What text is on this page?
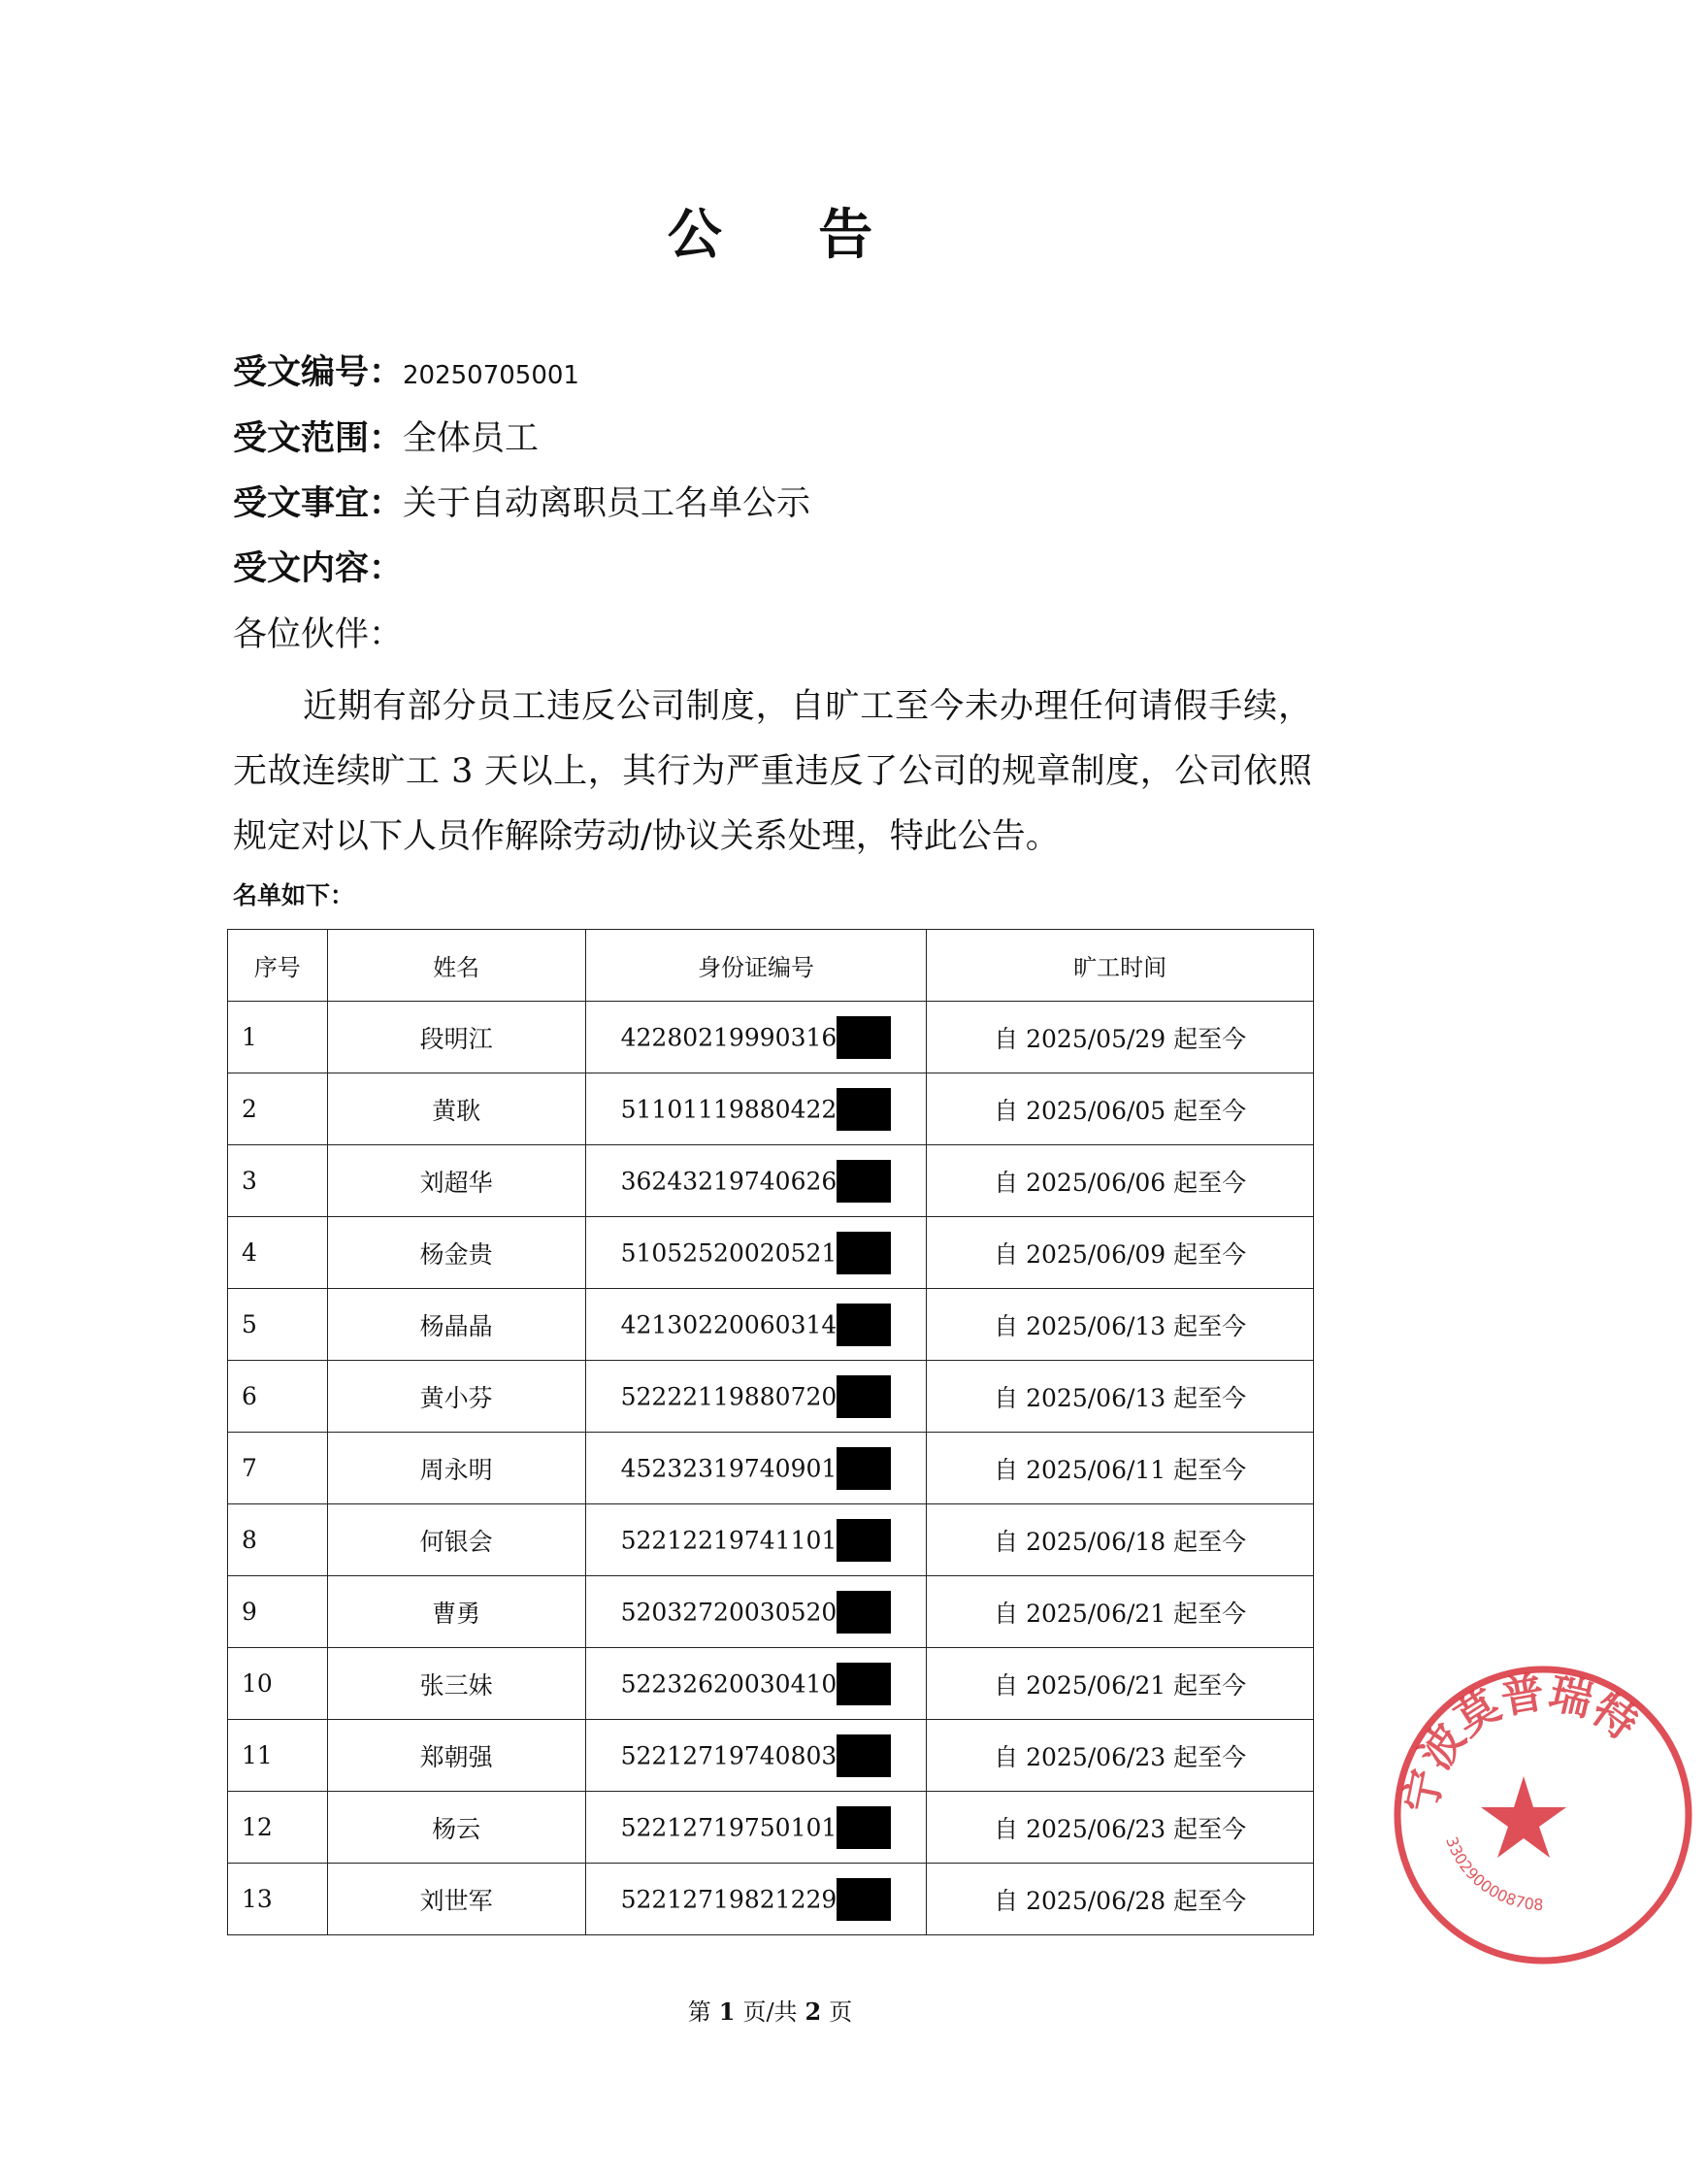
公 告
受文编号：20250705001
受文范围：全体员工
受文事宜：关于自动离职员工名单公示
受文内容：
各位伙伴：
近期有部分员工违反公司制度，自旷工至今未办理任何请假手续，无故连续旷工 3 天以上，其行为严重违反了公司的规章制度，公司依照规定对以下人员作解除劳动/协议关系处理，特此公告。
名单如下：
序号	姓名	身份证编号	旷工时间
1	段明江	42280219990316	自 2025/05/29 起至今
2	黄耿	51101119880422	自 2025/06/05 起至今
3	刘超华	36243219740626	自 2025/06/06 起至今
4	杨金贵	51052520020521	自 2025/06/09 起至今
5	杨晶晶	42130220060314	自 2025/06/13 起至今
6	黄小芬	52222119880720	自 2025/06/13 起至今
7	周永明	45232319740901	自 2025/06/11 起至今
8	何银会	52212219741101	自 2025/06/18 起至今
9	曹勇	52032720030520	自 2025/06/21 起至今
10	张三妹	52232620030410	自 2025/06/21 起至今
11	郑朝强	52212719740803	自 2025/06/23 起至今
12	杨云	52212719750101	自 2025/06/23 起至今
13	刘世军	52212719821229	自 2025/06/28 起至今
第 1 页/共 2 页
宁波莫普瑞特
3302900008708
